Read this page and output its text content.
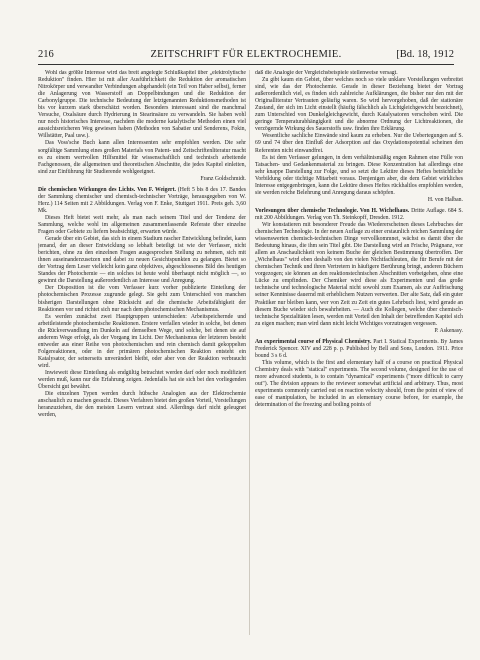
216	ZEITSCHRIFT FÜR ELEKTROCHEMIE.	[Bd. 18, 1912

Wohl das größte Interesse wird das breit angelegte Schlußkapitel über „elektrolytische Reduktion" finden. Hier ist mit aller Ausführlichkeit die Reduktion der aromatischen Nitrokörper und verwandter Verbindungen abgehandelt (ein Teil von Haber selbst), ferner die Anlagerung von Wasserstoff an Doppelbindungen und die Reduktion der Carbonylgruppe. Die technische Bedeutung der letztgenannten Reduktionsmethoden ist bis vor kurzem stark überschätzt worden. Besonders interessant sind die manchmal Versuche, Oxalsäure durch Hydrierung in Stearinsäure zu verwandeln. Sie haben wohl nur noch historisches Interesse, nachdem die moderne katalytische Methoden einen viel aussichtsreicheren Weg gewiesen haben (Methoden von Sabatier und Senderens, Fokin, Willstätter, Paal usw.).

Das Voss'sche Buch kann allen Interessenten sehr empfohlen werden. Die sehr sorgfältige Sammlung eines großen Materials von Patent- und Zeitschriftenliteratur macht es zu einem wertvollen Hilfsmittel für wissenschaftlich und technisch arbeitende Fachgenossen, die allgemeinen und theoretischen Abschnitte, die jedes Kapitel einleiten, sind zur Einführung für Studierende wohlgeeignet.

Franz Goldschmidt.

Die chemischen Wirkungen des Lichts. Von F. Weigert. (Heft 5 bis 8 des 17. Bandes der Sammlung chemischer und chemisch-technischer Vorträge, herausgegeben von W. Herz.) 114 Seiten mit 2 Abbildungen. Verlag von F. Enke, Stuttgart 1911. Preis geh. 3,60 Mk.

Dieses Heft bietet weit mehr, als man nach seinem Titel und der Tendenz der Sammlung, welche wohl im allgemeinen zusammenfassende Referate über einzelne Fragen oder Gebiete zu liefern beabsichtigt, erwarten würde.

Gerade über ein Gebiet, das sich in einem Stadium rascher Entwicklung befindet, kann jemand, der an dieser Entwicklung so lebhaft beteiligt ist wie der Verfasser, nicht berichten, ohne zu den einzelnen Fragen ausgesprochen Stellung zu nehmen, sich mit ihnen auseinanderzusetzen und dabei zu neuen Gesichtspunkten zu gelangen. Bietet so der Vortrag dem Leser vielleicht kein ganz objektives, abgeschlossenes Bild des heutigen Standes der Photochemie — ein solches ist heute wohl überhaupt nicht möglich —, so gewinnt die Darstellung außerordentlich an Interesse und Anregung.

Der Disposition ist die vom Verfasser kurz vorher publizierte Einteilung der photochemischen Prozesse zugrunde gelegt. Sie geht zum Unterschied von manchen bisherigen Darstellungen ohne Rücksicht auf die chemische Arbeitsfähigkeit der Reaktionen vor und richtet sich nur nach dem photochemischen Mechanismus.

Es werden zunächst zwei Hauptgruppen unterschieden: Arbeitspeichernde und arbeitleistende photochemische Reaktionen. Erstere verfallen wieder in solche, bei denen die Rückverwandlung im Dunkeln auf demselben Wege, und solche, bei denen sie auf anderem Wege erfolgt, als der Vorgang im Licht. Der Mechanismus der letzteren besteht entweder aus einer Reihe von photochemischen und rein chemisch damit gekoppelten Folgereaktionen, oder in der primären photochemischen Reaktion entsteht ein Katalysator, der seinerseits unverändert bleibt, oder aber von der Reaktion verbraucht wird.

Inwieweit diese Einteilung als endgültig betrachtet werden darf oder noch modifiziert werden muß, kann nur die Erfahrung zeigen. Jedenfalls hat sie sich bei den vorliegenden Übersicht gut bewährt.

Die einzelnen Typen werden durch hübsche Analogien aus der Elektrochemie anschaulich zu machen gesucht. Dieses Verfahren bietet den großen Vorteil, Vorstellungen heranzuziehen, die den meisten Lesern vertraut sind. Allerdings darf nicht geleugnet werden,

daß die Analogie der Vergleichsbeispiele stellenweise versagt.

Zu gibt kaum ein Gebiet, über welches noch so viele unklare Vorstellungen verbreitet sind, wie das der Photochemie. Gerade in dieser Beziehung bietet der Vortrag außerordentlich viel, es finden sich zahlreiche Aufklärungen, die bisher nur den mit der Originalliteratur Vertrauten geläufig waren. So wird hervorgehoben, daß der stationäre Zustand, der sich im Licht einstellt (häufig fälschlich als Lichtgleichgewicht bezeichnet), zum Unterschied von Dunkelgleichgewicht, durch Katalysatoren verschoben wird. Die geringe Temperaturabhängigkeit und die abnorme Ordnung der Lichtreaktionen, die verzögernde Wirkung des Sauerstoffs usw. finden ihre Erklärung.

Wesentliche sachliche Einwände sind kaum zu erheben. Nur die Uebertegungen auf S. 69 und 74 über den Einfluß der Adsorption auf das Oxydationspotential scheinen den Referenten nicht einwandfrei.

Es ist dem Verfasser gelungen, in dem verhältnismäßig engen Rahmen eine Fülle von Tatsachen- und Gedankenmaterial zu bringen. Diese Konzentration hat allerdings eine sehr knappe Darstellung zur Folge, und so setzt die Lektüre dieses Heftes beträchtliche Vorbildung oder tüchtige Mitarbeit voraus. Denjenigen aber, die dem Gebiet wirkliches Interesse entgegenbringen, kann die Lektüre dieses Heftes rückhaltlos empfohlen werden, sie werden reiche Belehrung und Anregung daraus schöpfen.

H. von Halban.

Vorlesungen über chemische Technologie. Von H. Wichelhaus. Dritte Auflage. 684 S. mit 200 Abbildungen. Verlag von Th. Steinkopff, Dresden. 1912.

Wir konstatieren mit besonderer Freude das Wiedererscheinen dieses Lehrbuches der chemischen Technologie. In der neuen Auflage zu einer erstaunlich reichen Sammlung der wissenswerten chemisch-technischen Dinge vervollkommnet, wächst es damit über die Bedeutung hinaus, die ihm sein Titel gibt. Die Darstellung wird an Frische, Prägnanz, vor allem an Anschaulichkeit von keinem Buche der gleichen Bestimmung übertroffen. Der „Wichelhaus" wird eben deshalb von den vielen Nichtfachleuten, die für Berufe mit der chemischen Technik und ihren Vertretern in häufigere Berührung bringt, anderen Büchern vorgezogen; sie können an den reaktionstechnischen Abschnitten vorbeigehen, ohne eine Lücke zu empfinden. Der Chemiker wird diese als Experimenten und das große technische und technologische Material nicht sowohl zum Examen, als zur Auffrischung seiner Kenntnisse dauernd mit erheblichem Nutzen verwerten. Der alte Satz, daß ein guter Praktiker nur bleiben kann, wer von Zeit zu Zeit ein gutes Lehrbuch liest, wird gerade an diesem Buche wieder sich bewahrheiten. — Auch die Kollegen, welche über chemisch-technische Spezialitäten lesen, werden mit Vorteil den Inhalt der betreffenden Kapitel sich zu eigen machen; man wird dann nicht leicht Wichtiges vorzutragen vergessen.

P. Askenasy.

An experimental course of Physical Chemistry. Part I. Statical Experiments. By James Frederick Spencer. XIV and 228 p. p. Published by Bell and Sons, London. 1911. Price bound 3 s 6 d.

This volume, which is the first and elementary half of a course on practical Physical Chemistry deals with "statical" experiments. The second volume, designed for the use of more advanced students, is to contain "dynamical" experiments ("more difficult to carry out"). The division appears to the reviewer somewhat artificial and arbitrary. Thus, most experiments commonly carried out on reaction velocity should, from the point of view of ease of manipulation, be included in an elementary course before, for example, the determination of the freezing and boiling points of
